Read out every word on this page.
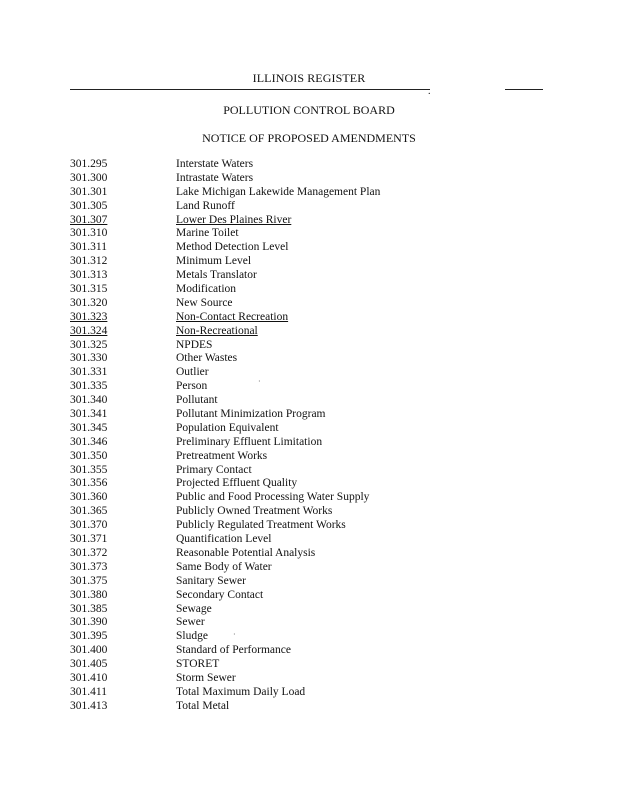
ILLINOIS REGISTER
.
POLLUTION CONTROL BOARD
NOTICE OF PROPOSED AMENDMENTS
301.295	Interstate Waters
301.300	Intrastate Waters
301.301	Lake Michigan Lakewide Management Plan
301.305	Land Runoff
301.307	Lower Des Plaines River
301.310	Marine Toilet
301.311	Method Detection Level
301.312	Minimum Level
301.313	Metals Translator
301.315	Modification
301.320	New Source
301.323	Non-Contact Recreation
301.324	Non-Recreational
301.325	NPDES
301.330	Other Wastes
301.331	Outlier
301.335	Person
301.340	Pollutant
301.341	Pollutant Minimization Program
301.345	Population Equivalent
301.346	Preliminary Effluent Limitation
301.350	Pretreatment Works
301.355	Primary Contact
301.356	Projected Effluent Quality
301.360	Public and Food Processing Water Supply
301.365	Publicly Owned Treatment Works
301.370	Publicly Regulated Treatment Works
301.371	Quantification Level
301.372	Reasonable Potential Analysis
301.373	Same Body of Water
301.375	Sanitary Sewer
301.380	Secondary Contact
301.385	Sewage
301.390	Sewer
301.395	Sludge
301.400	Standard of Performance
301.405	STORET
301.410	Storm Sewer
301.411	Total Maximum Daily Load
301.413	Total Metal
·
·
